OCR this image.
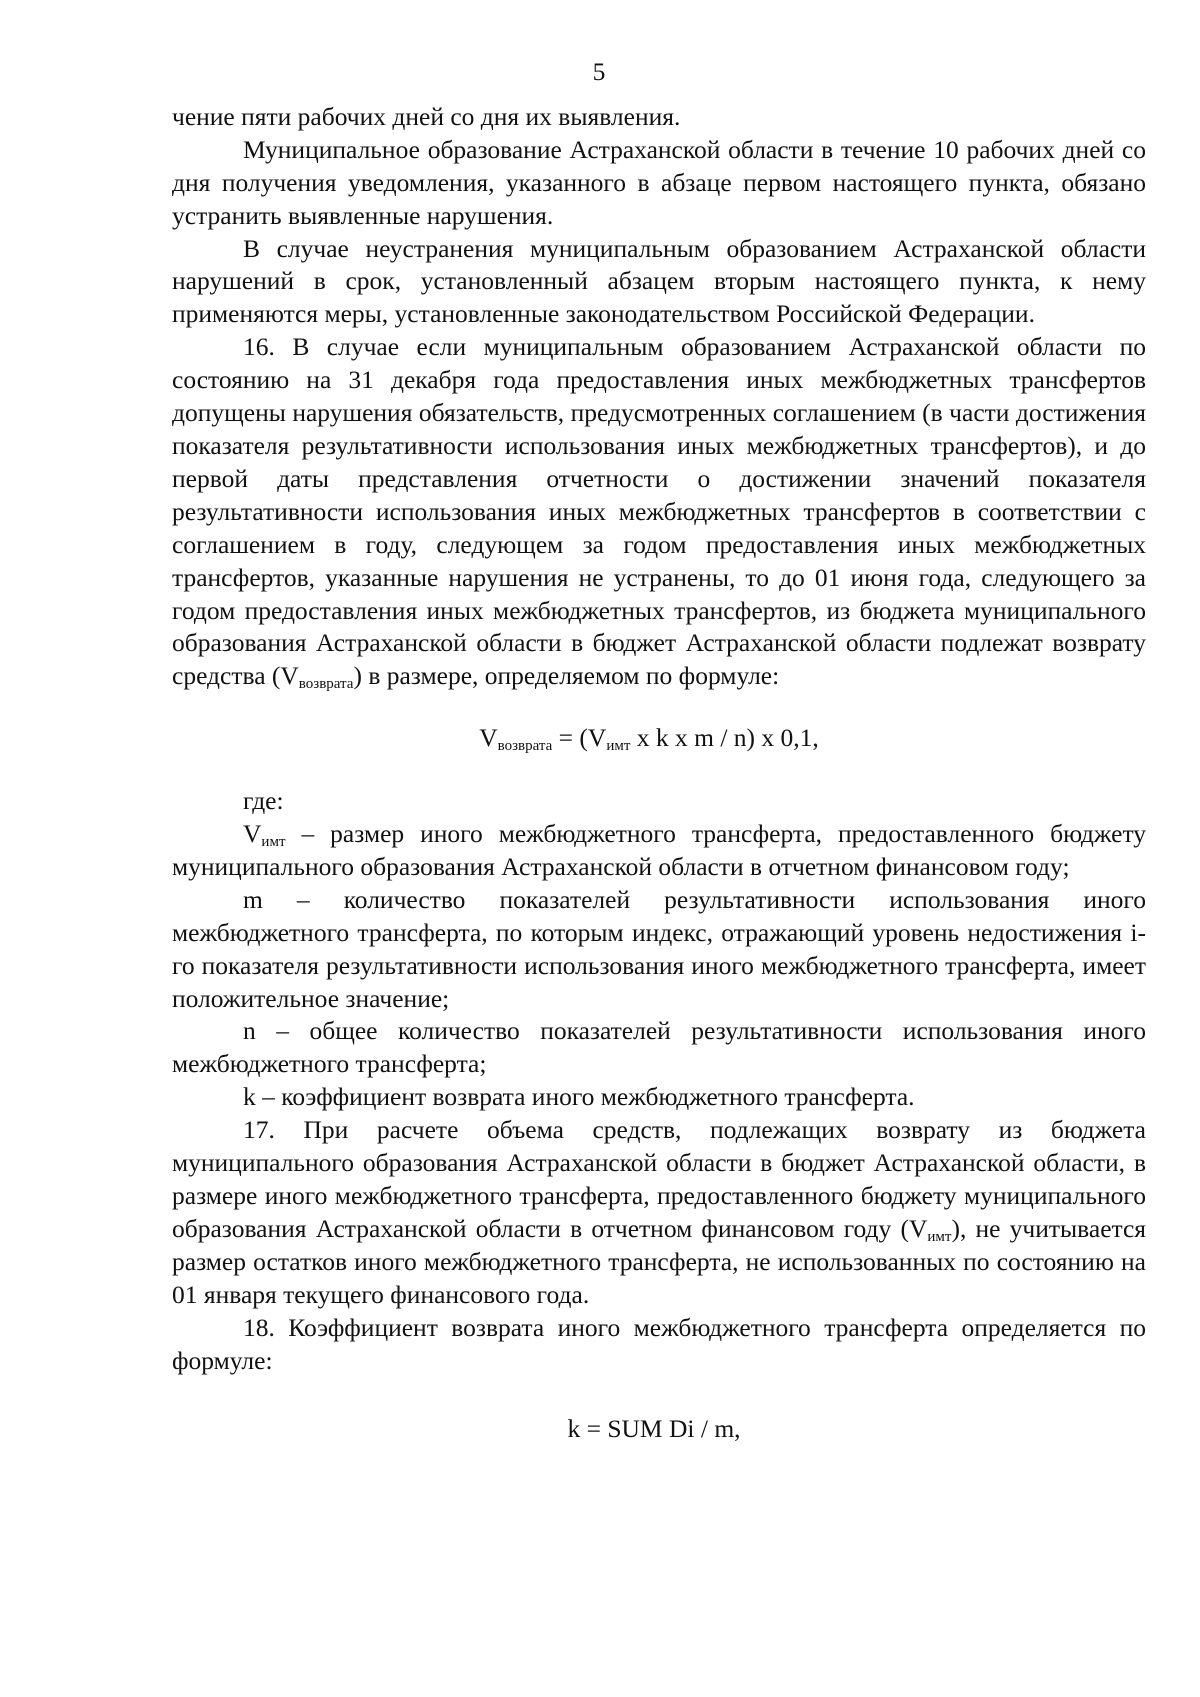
5

чение пяти рабочих дней со дня их выявления.

Муниципальное образование Астраханской области в течение 10 рабочих дней со дня получения уведомления, указанного в абзаце первом настоящего пункта, обязано устранить выявленные нарушения.

В случае неустранения муниципальным образованием Астраханской области нарушений в срок, установленный абзацем вторым настоящего пункта, к нему применяются меры, установленные законодательством Российской Федерации.

16. В случае если муниципальным образованием Астраханской области по состоянию на 31 декабря года предоставления иных межбюджетных трансфертов допущены нарушения обязательств, предусмотренных соглашением (в части достижения показателя результативности использования иных межбюджетных трансфертов), и до первой даты представления отчетности о достижении значений показателя результативности использования иных межбюджетных трансфертов в соответствии с соглашением в году, следующем за годом предоставления иных межбюджетных трансфертов, указанные нарушения не устранены, то до 01 июня года, следующего за годом предоставления иных межбюджетных трансфертов, из бюджета муниципального образования Астраханской области в бюджет Астраханской области подлежат возврату средства $(V_{возврата})$ в размере, определяемом по формуле:

$V_{возврата} = (V_{имт}$ x k x m / n) x 0,1,

где:

$V_{имт}$ – размер иного межбюджетного трансферта, предоставленного бюджету муниципального образования Астраханской области в отчетном финансовом году;

m – количество показателей результативности использования иного межбюджетного трансферта, по которым индекс, отражающий уровень недостижения i-го показателя результативности использования иного межбюджетного трансферта, имеет положительное значение;

n – общее количество показателей результативности использования иного межбюджетного трансферта;

k – коэффициент возврата иного межбюджетного трансферта.

17. При расчете объема средств, подлежащих возврату из бюджета муниципального образования Астраханской области в бюджет Астраханской области, в размере иного межбюджетного трансферта, предоставленного бюджету муниципального образования Астраханской области в отчетном финансовом году $(V_{имт})$, не учитывается размер остатков иного межбюджетного трансферта, не использованных по состоянию на 01 января текущего финансового года.

18. Коэффициент возврата иного межбюджетного трансферта определяется по формуле:

k = SUM Di / m,
